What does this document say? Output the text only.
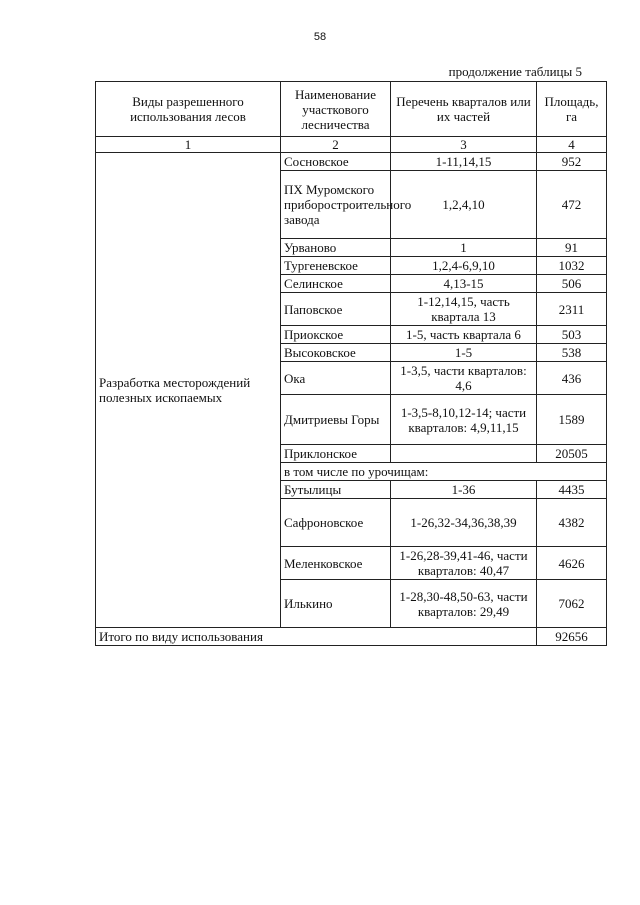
58
продолжение таблицы 5
Виды разрешенного использования лесов	Наименование участкового лесничества	Перечень кварталов или их частей	Площадь, га
1	2	3	4
Разработка месторождений полезных ископаемых	Сосновское	1-11,14,15	952
	ПХ Муромского приборостроительного завода	1,2,4,10	472
	Урваново	1	91
	Тургеневское	1,2,4-6,9,10	1032
	Селинское	4,13-15	506
	Паповское	1-12,14,15, часть квартала 13	2311
	Приокское	1-5, часть квартала 6	503
	Высоковское	1-5	538
	Ока	1-3,5, части кварталов: 4,6	436
	Дмитриевы Горы	1-3,5-8,10,12-14; части кварталов: 4,9,11,15	1589
	Приклонское		20505
	в том числе по урочищам:		
	Бутылицы	1-36	4435
	Сафроновское	1-26,32-34,36,38,39	4382
	Меленковское	1-26,28-39,41-46, части кварталов: 40,47	4626
	Илькино	1-28,30-48,50-63, части кварталов: 29,49	7062
Итого по виду использования			92656
